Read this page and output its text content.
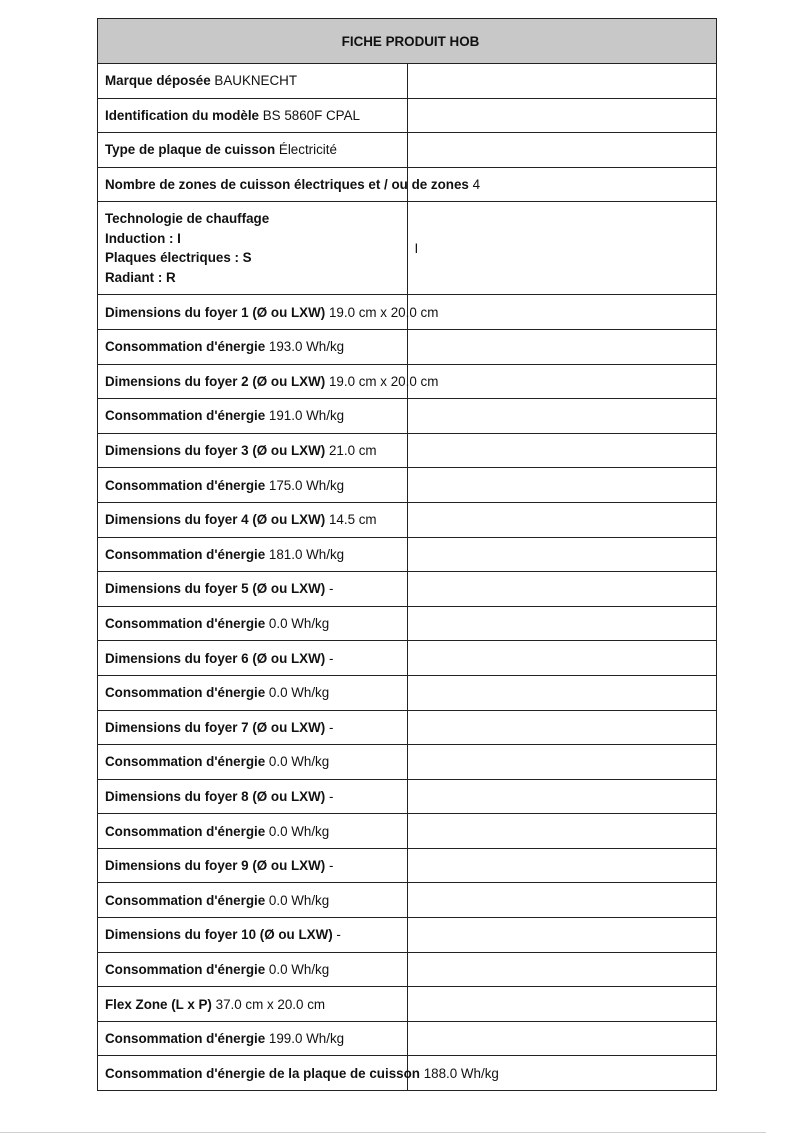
FICHE PRODUIT HOB	
Marque déposée BAUKNECHT	
Identification du modèle BS 5860F CPAL	
Type de plaque de cuisson Électricité	
Nombre de zones de cuisson électriques et / ou de zones 4	

Technologie de chauffage
Induction : I
Plaques électriques : S
Radiant : R	I
Dimensions du foyer 1 (Ø ou LXW) 19.0 cm x 20.0 cm	
Consommation d'énergie 193.0 Wh/kg	
Dimensions du foyer 2 (Ø ou LXW) 19.0 cm x 20.0 cm	
Consommation d'énergie 191.0 Wh/kg	
Dimensions du foyer 3 (Ø ou LXW) 21.0 cm	
Consommation d'énergie 175.0 Wh/kg	
Dimensions du foyer 4 (Ø ou LXW) 14.5 cm	
Consommation d'énergie 181.0 Wh/kg	
Dimensions du foyer 5 (Ø ou LXW) -	
Consommation d'énergie 0.0 Wh/kg	
Dimensions du foyer 6 (Ø ou LXW) -	
Consommation d'énergie 0.0 Wh/kg	
Dimensions du foyer 7 (Ø ou LXW) -	
Consommation d'énergie 0.0 Wh/kg	
Dimensions du foyer 8 (Ø ou LXW) -	
Consommation d'énergie 0.0 Wh/kg	
Dimensions du foyer 9 (Ø ou LXW) -	
Consommation d'énergie 0.0 Wh/kg	
Dimensions du foyer 10 (Ø ou LXW) -	
Consommation d'énergie 0.0 Wh/kg	
Flex Zone (L x P) 37.0 cm x 20.0 cm	
Consommation d'énergie 199.0 Wh/kg	
Consommation d'énergie de la plaque de cuisson 188.0 Wh/kg	
